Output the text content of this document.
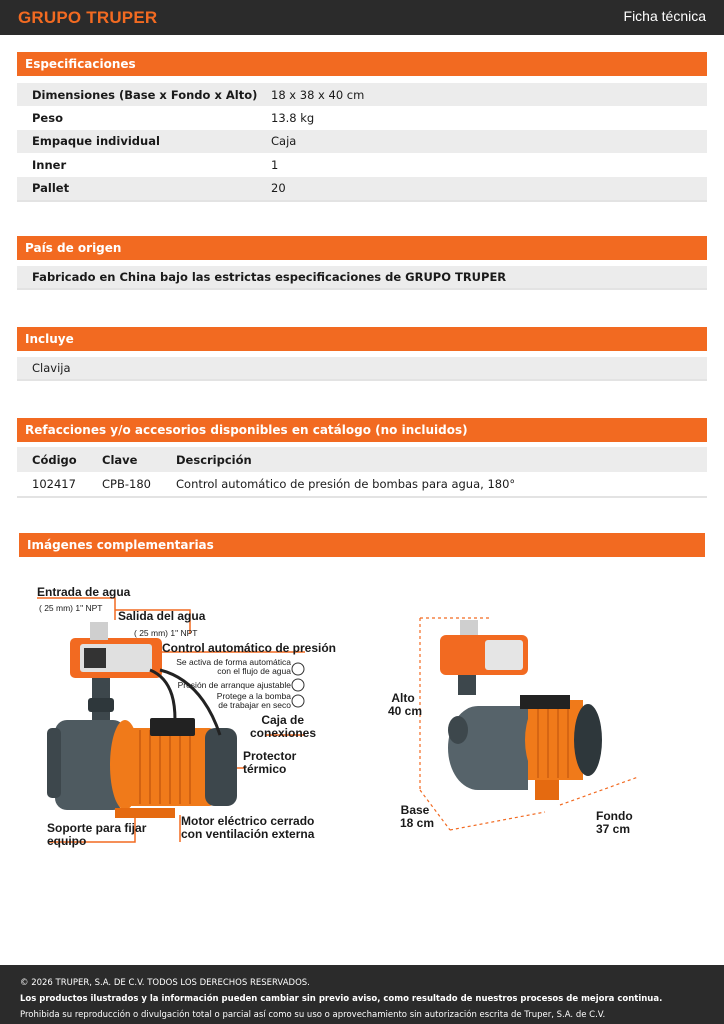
GRUPO TRUPER	Ficha técnica
Especificaciones
Dimensiones (Base x Fondo x Alto)	18 x 38 x 40 cm
Peso	13.8 kg
Empaque individual	Caja
Inner	1
Pallet	20
País de origen
Fabricado en China bajo las estrictas especificaciones de GRUPO TRUPER
Incluye
Clavija
Refacciones y/o accesorios disponibles en catálogo (no incluidos)
Código	Clave	Descripción
102417	CPB-180	Control automático de presión de bombas para agua, 180°
Imágenes complementarias
Entrada de agua
( 25 mm) 1" NPT
Salida del agua
( 25 mm) 1" NPT
Control automático de presión
Se activa de forma automática
con el flujo de agua
Presión de arranque ajustable
Protege a la bomba
de trabajar en seco
Caja de
conexiones
Protector
térmico
Soporte para fijar
equipo
Motor eléctrico cerrado
con ventilación externa
Alto
40 cm
Base
18 cm	Fondo
37 cm
© 2026 TRUPER, S.A. DE C.V. TODOS LOS DERECHOS RESERVADOS.
Los productos ilustrados y la información pueden cambiar sin previo aviso, como resultado de nuestros procesos de mejora continua.
Prohibida su reproducción o divulgación total o parcial así como su uso o aprovechamiento sin autorización escrita de Truper, S.A. de C.V.
